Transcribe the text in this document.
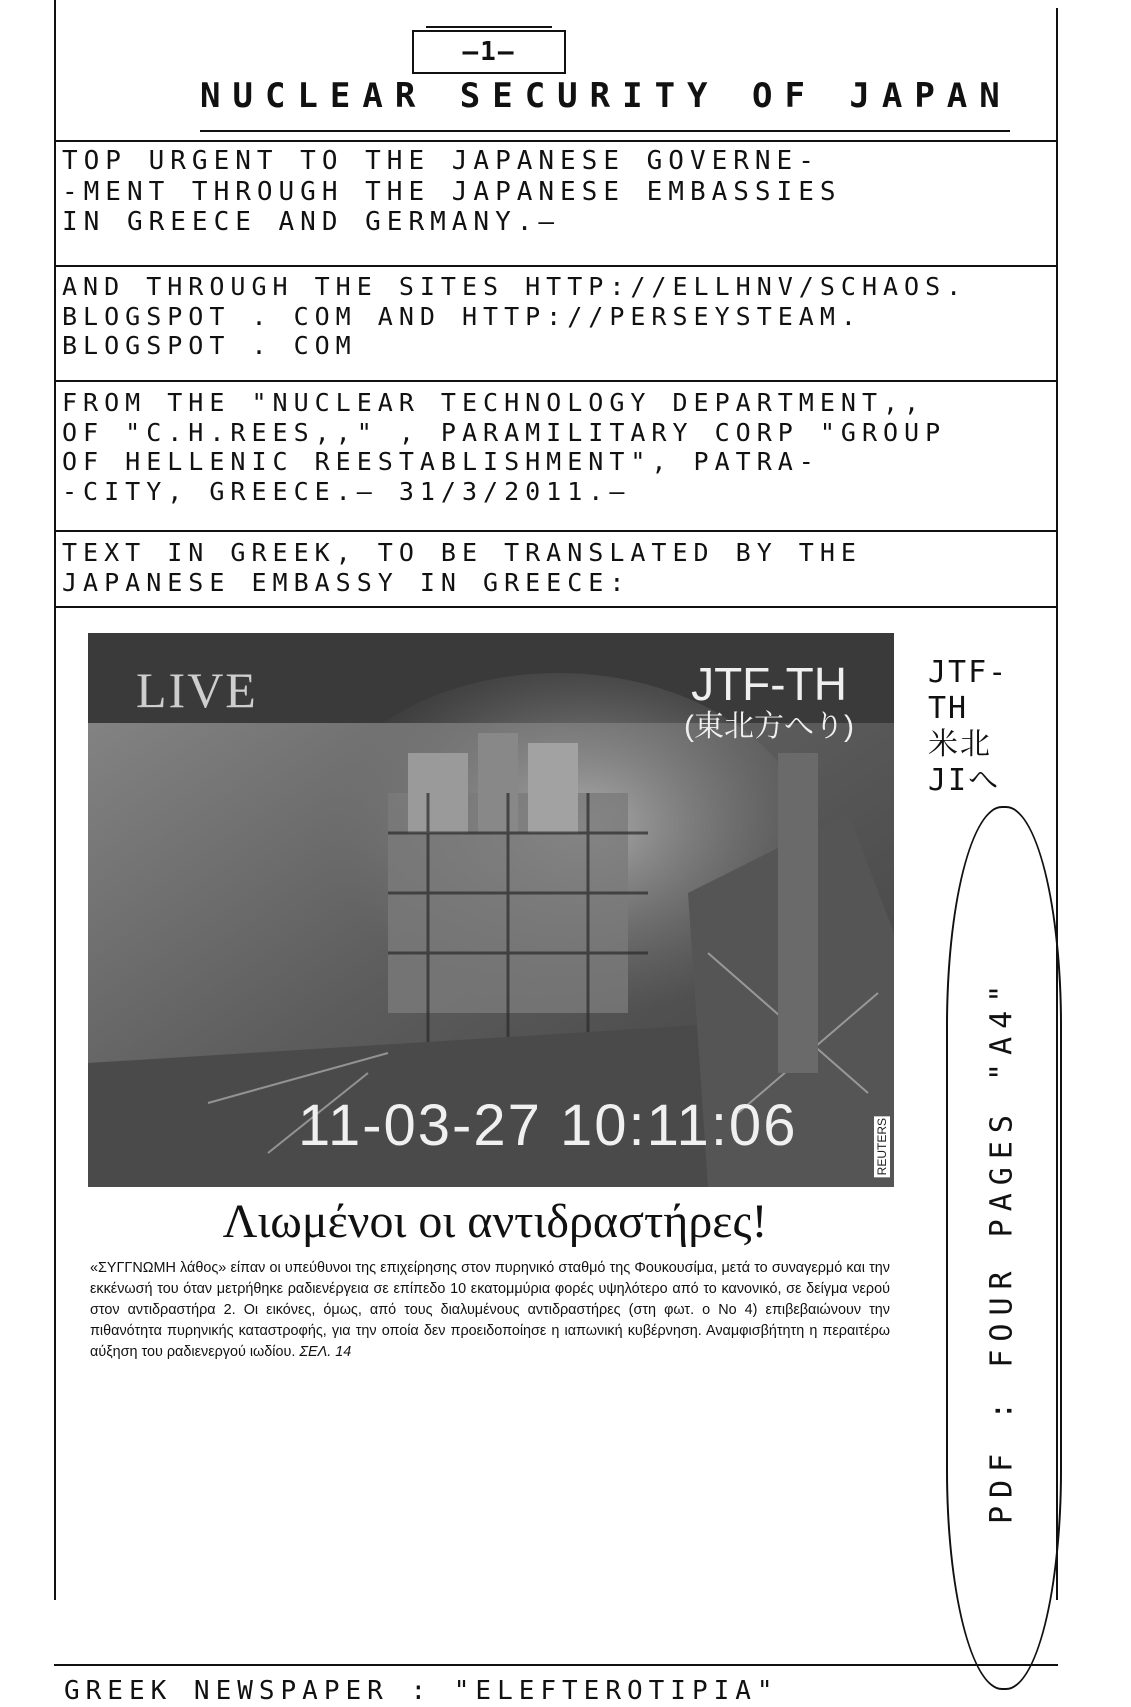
—1—
NUCLEAR SECURITY OF JAPAN
TOP URGENT TO THE JAPANESE GOVERNE-
-MENT THROUGH THE JAPANESE EMBASSIES
IN GREECE AND GERMANY.—
AND THROUGH THE SITES HTTP://ELLHNV/SCHAOS.
BLOGSPOT . COM AND HTTP://PERSEYSTEAM.
BLOGSPOT . COM
FROM THE "NUCLEAR TECHNOLOGY DEPARTMENT,,
OF "C.H.REES,," , PARAMILITARY CORP "GROUP
OF HELLENIC REESTABLISHMENT", PATRA-
-CITY, GREECE.— 31/3/2011.—
TEXT IN GREEK, TO BE TRANSLATED BY THE
JAPANESE EMBASSY IN GREECE:
LIVE	JTF-TH
(東北方へり)
11-03-27 10:11:06	REUTERS
Λιωμένοι οι αντιδραστήρες!
«ΣΥΓΓΝΩΜΗ λάθος» είπαν οι υπεύθυνοι της επιχείρησης στον πυρηνικό σταθμό της Φουκουσίμα, μετά το συναγερμό και την εκκένωσή του όταν μετρήθηκε ραδιενέργεια σε επίπεδο 10 εκατομμύρια φορές υψηλότερο από το κανονικό, σε δείγμα νερού στον αντιδραστήρα 2. Οι εικόνες, όμως, από τους διαλυμένους αντιδραστήρες (στη φωτ. ο Νο 4) επιβεβαιώνουν την πιθανότητα πυρηνικής καταστροφής, για την οποία δεν προειδοποίησε η ιαπωνική κυβέρνηση. Αναμφισβήτητη η περαιτέρω αύξηση του ραδιενεργού ιωδίου. ΣΕΛ. 14
JTF-TH
米北 JIへ
PDF : FOUR PAGES "A4"
GREEK NEWSPAPER : "ELEFTEROTIPIA"
